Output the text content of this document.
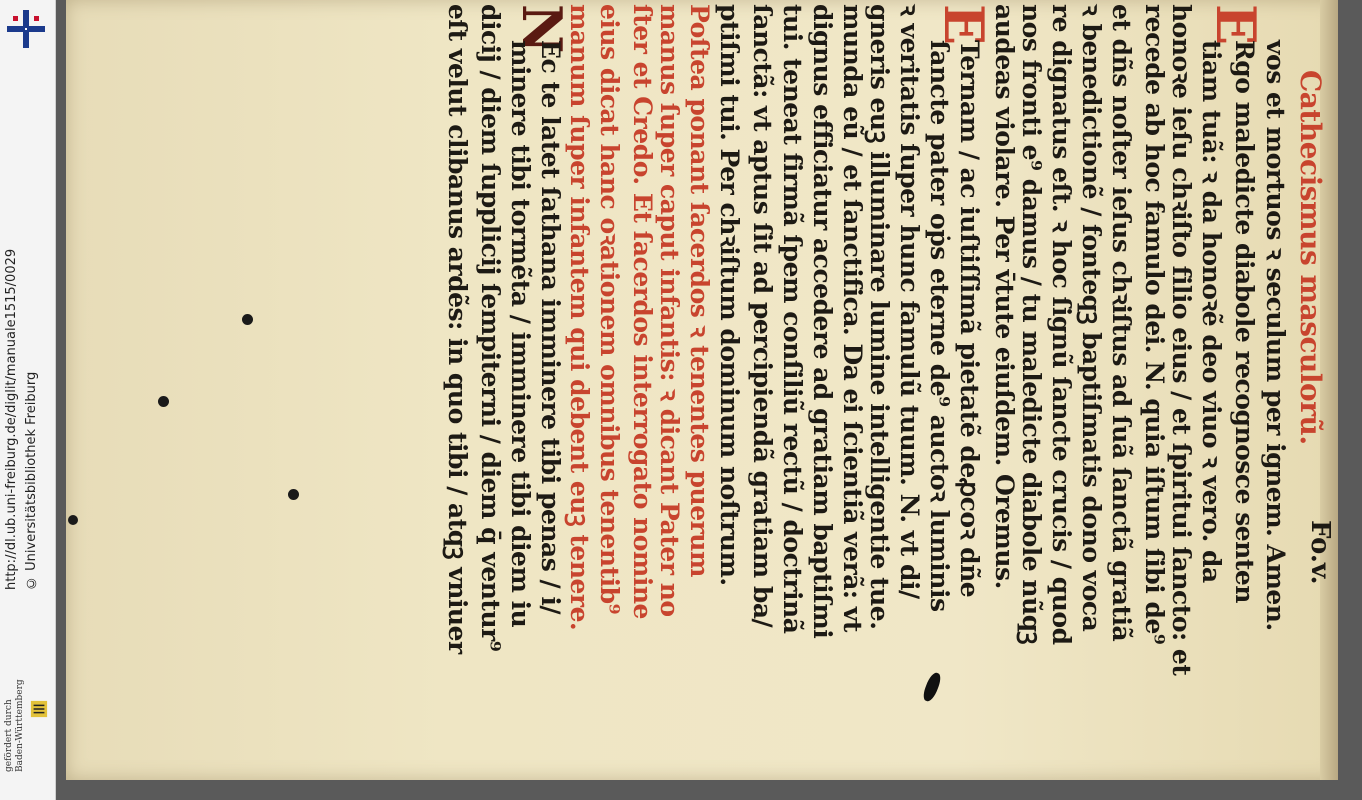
http://dl.ub.uni-freiburg.de/diglit/manuale1515/0029 © Universitätsbibliothek Freiburg
gefördert durch Baden-Württemberg
Fo.v.
Cathecismus masculorũ.
vos et mortuos ꝛ seculum per ignem. Amen.
E
Rgo maledicte diabole recognosce senten
tiam tuã: ꝛ da honoꝛẽ deo viuo ꝛ vero. da
honoꝛe ieſu chꝛiſto filio eius / et ſpiritui ſancto: et
recede ab hoc famulo dei. N. quia iſtum ſibi de⁹
et dñs noſter ieſus chꝛiſtus ad ſuã ſanctã gratiã
ꝛ benedictionẽ / fonteqꝫ baptiſmatis dono voca
re dignatus eſt. ꝛ hoc ſignũ ſancte crucis / quod
nos fronti e⁹ damus / tu maledicte diabole nũqꝫ
audeas violare. Per v̄tute eiuſdem. Oremus.
E
Ternam / ac iuſtiſſimã pietatẽ deꝓcoꝛ dñe
ſancte pater oṗs eterne de⁹ auctoꝛ luminis
ꝛ veritatis ſuper hunc famulũ tuum. N. vt di/
gneris euꝫ illuminare lumine intelligentie tue.
munda eũ / et ſanctifica. Da ei ſcientiã verã: vt
dignus efficiatur accedere ad gratiam baptiſmi
tui. teneat firmã ſpem conſiliũ rectũ / doctrinã
ſanctã: vt aptus ſit ad percipiendã gratiam ba/
ptiſmi tui. Per chꝛiſtum dominum noſtrum.
Poſtea ponant ſacerdos ꝛ tenentes puerum
manus ſuper caput infantis: ꝛ dicant Pater no
ſter et Credo. Et ſacerdos interrogato nomine
eius dicat hanc oꝛationem omnibus tenentib⁹
manum ſuper infantem qui debent euꝫ tenere.
N
Ec te latet ſathana imminere tibi penas / i/
minere tibi tormẽta / imminere tibi diem iu
dicij / diem ſupplicij ſempiterni / diem q̄ ventur⁹
eſt velut clibanus ardẽs: in quo tibi / atqꝫ vniuer
